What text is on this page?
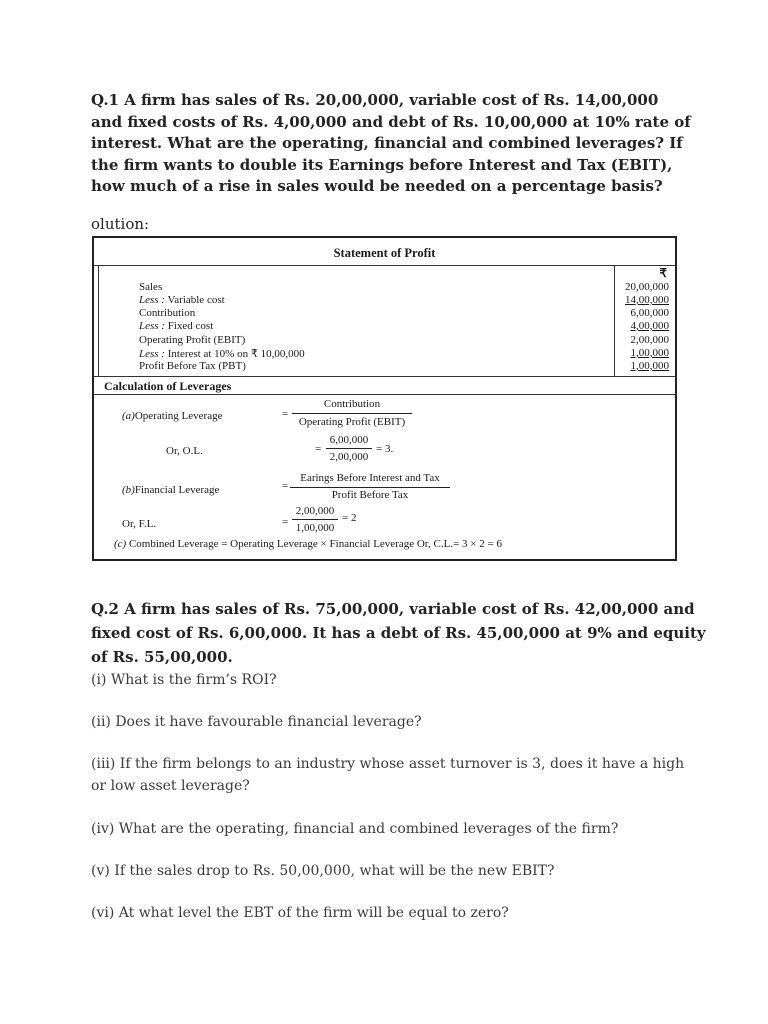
Q.1 A firm has sales of Rs. 20,00,000, variable cost of Rs. 14,00,000 and fixed costs of Rs. 4,00,000 and debt of Rs. 10,00,000 at 10% rate of interest. What are the operating, financial and combined leverages? If the firm wants to double its Earnings before Interest and Tax (EBIT), how much of a rise in sales would be needed on a percentage basis?
olution:
Statement of Profit
₹
Sales	20,00,000
Less : Variable cost	14,00,000
Contribution	6,00,000
Less : Fixed cost	4,00,000
Operating Profit (EBIT)	2,00,000
Less : Interest at 10% on ₹ 10,00,000	1,00,000
Profit Before Tax (PBT)	1,00,000
Calculation of Leverages
(a)Operating Leverage	=
Contribution
Operating Profit (EBIT)
Or, O.L.	=
6,00,000
2,00,000
= 3.
(b)Financial Leverage	=
Earings Before Interest and Tax
Profit Before Tax
Or, F.L.	=
2,00,000
1,00,000
= 2
(c) Combined Leverage = Operating Leverage × Financial Leverage Or, C.L.= 3 × 2 = 6
Q.2 A firm has sales of Rs. 75,00,000, variable cost of Rs. 42,00,000 and fixed cost of Rs. 6,00,000. It has a debt of Rs. 45,00,000 at 9% and equity of Rs. 55,00,000.
(i) What is the firm’s ROI?
(ii) Does it have favourable financial leverage?
(iii) If the firm belongs to an industry whose asset turnover is 3, does it have a high or low asset leverage?
(iv) What are the operating, financial and combined leverages of the firm?
(v) If the sales drop to Rs. 50,00,000, what will be the new EBIT?
(vi) At what level the EBT of the firm will be equal to zero?
